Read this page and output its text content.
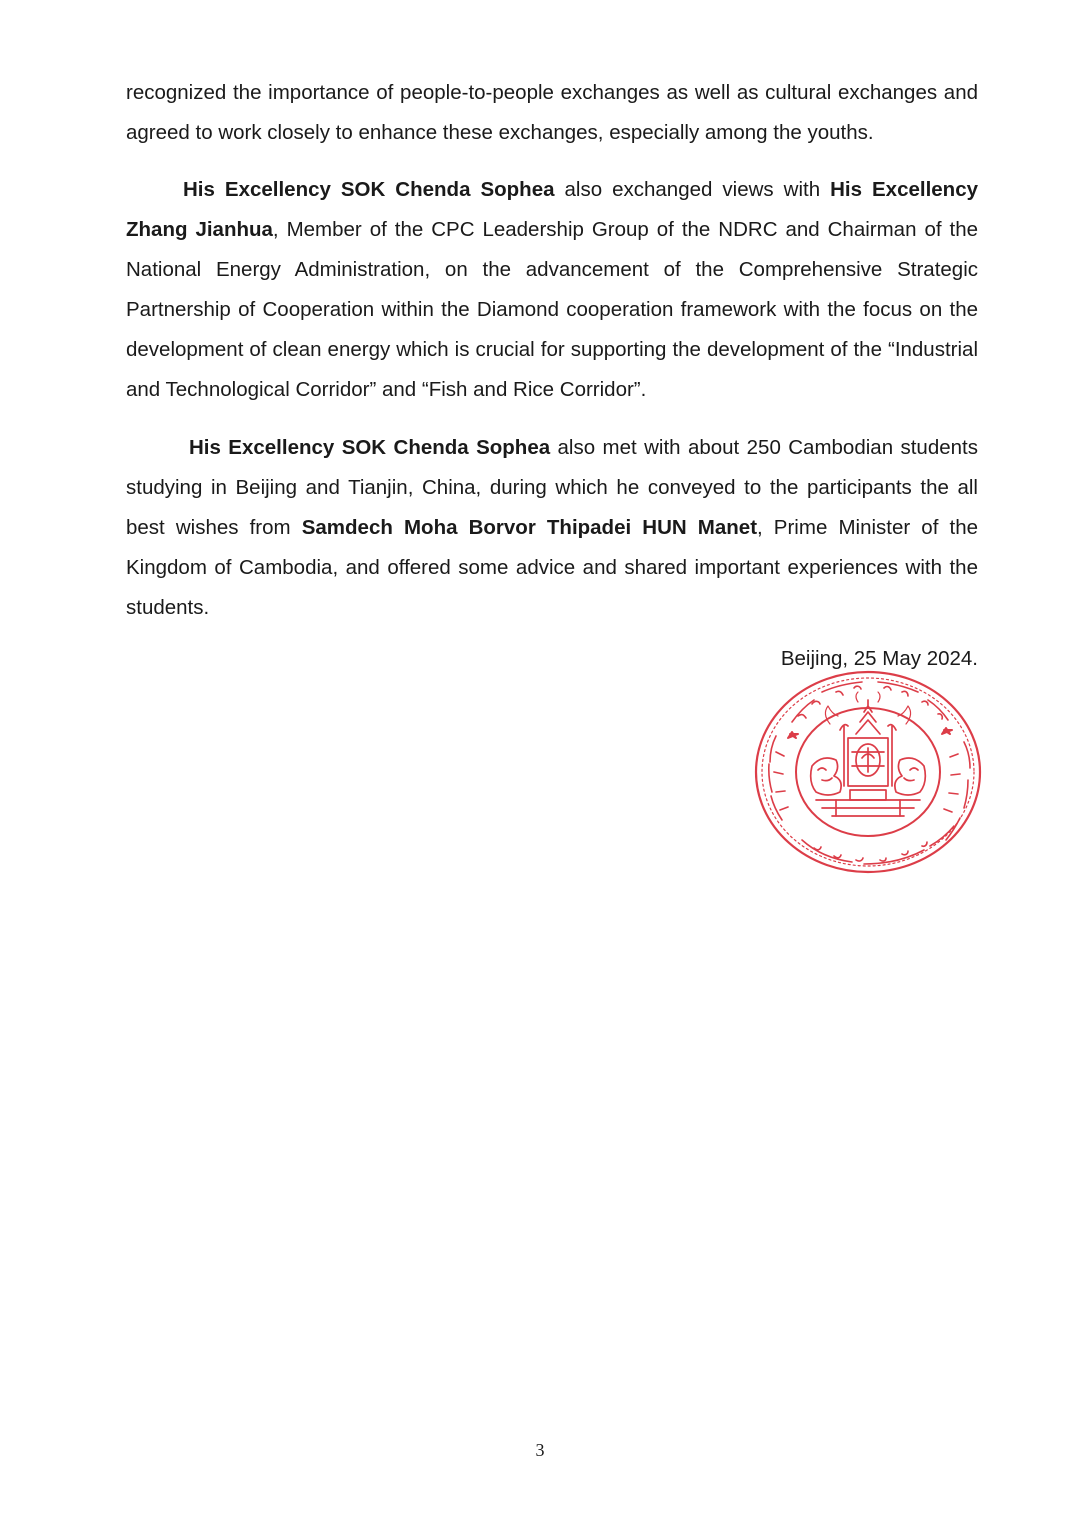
recognized the importance of people-to-people exchanges as well as cultural exchanges and agreed to work closely to enhance these exchanges, especially among the youths.

His Excellency SOK Chenda Sophea also exchanged views with His Excellency Zhang Jianhua, Member of the CPC Leadership Group of the NDRC and Chairman of the National Energy Administration, on the advancement of the Comprehensive Strategic Partnership of Cooperation within the Diamond cooperation framework with the focus on the development of clean energy which is crucial for supporting the development of the “Industrial and Technological Corridor” and “Fish and Rice Corridor”.

His Excellency SOK Chenda Sophea also met with about 250 Cambodian students studying in Beijing and Tianjin, China, during which he conveyed to the participants the all best wishes from Samdech Moha Borvor Thipadei HUN Manet, Prime Minister of the Kingdom of Cambodia, and offered some advice and shared important experiences with the students.

Beijing, 25 May 2024.
3
